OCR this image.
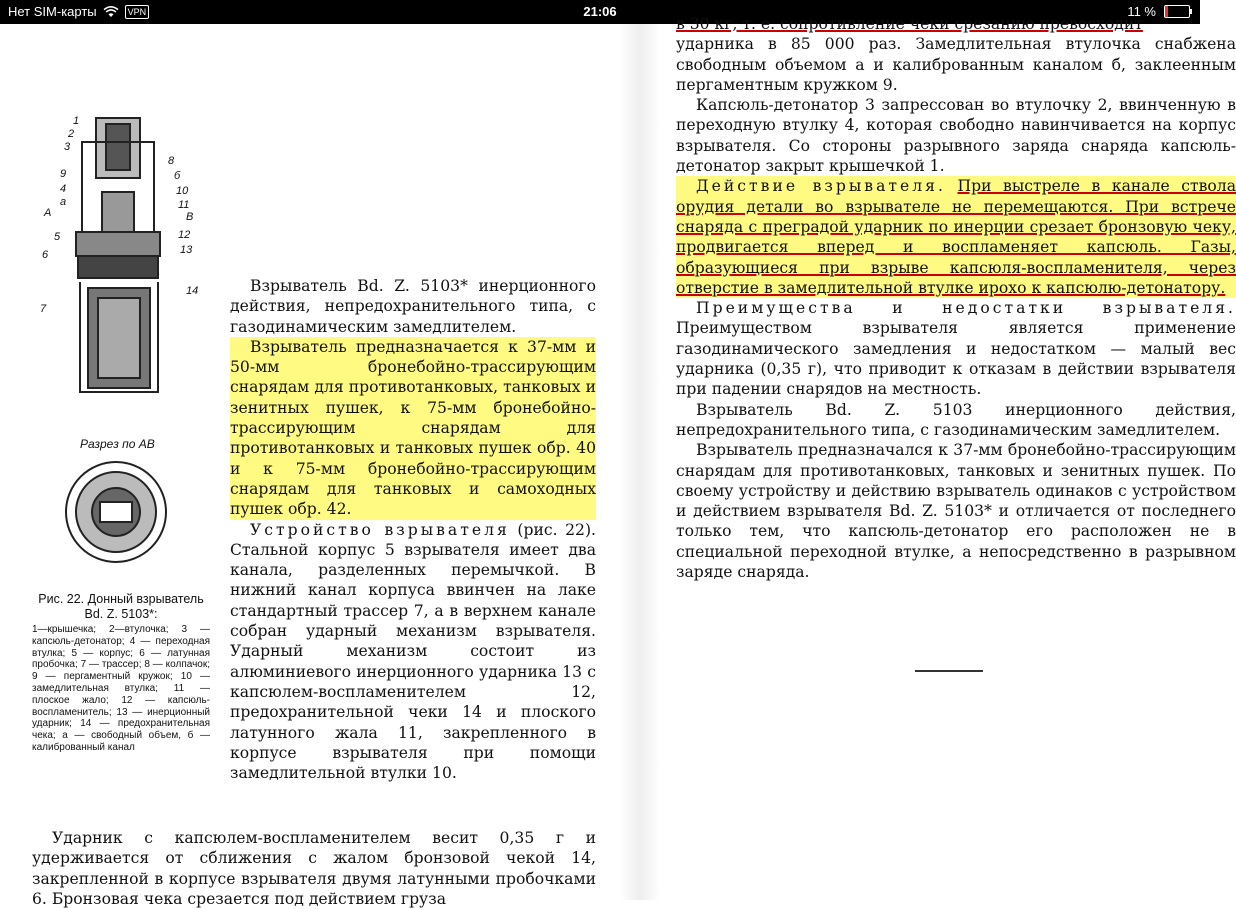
Нет SIM-карты	VPN	21:06	11 %
1
2
3
8
б
9
4	10
а	11
A	B
5	12
6	13
14
7
Разрез по АВ
Рис. 22. Донный взрыватель Bd. Z. 5103*:
1—крышечка; 2—втулочка; 3 — капсюль-детонатор; 4 — переходная втулка; 5 — корпус; 6 — латунная пробочка; 7 — трассер; 8 — колпачок; 9 — пергаментный кружок; 10 — замедлительная втулка; 11 — плоское жало; 12 — капсюль-воспламенитель; 13 — инерционный ударник; 14 — предохранительная чека; а — свободный объем, б — калиброванный канал

Взрыватель Bd. Z. 5103* инерционного действия, непредохранительного типа, с газодинамическим замедлителем.

Взрыватель предназначается к 37-мм и 50-мм бронебойно-трассирующим снарядам для противотанковых, танковых и зенитных пушек, к 75-мм бронебойно-трассирующим снарядам для противотанковых и танковых пушек обр. 40 и к 75-мм бронебойно-трассирующим снарядам для танковых и самоходных пушек обр. 42.

Устройство взрывателя (рис. 22). Стальной корпус 5 взрывателя имеет два канала, разделенных перемычкой. В нижний канал корпуса ввинчен на лаке стандартный трассер 7, а в верхнем канале собран ударный механизм взрывателя. Ударный механизм состоит из алюминиевого инерционного ударника 13 с капсюлем-воспламенителем 12, предохранительной чеки 14 и плоского латунного жала 11, закрепленного в корпусе взрывателя при помощи замедлительной втулки 10.

Ударник с капсюлем-воспламенителем весит 0,35 г и удерживается от сближения с жалом бронзовой чекой 14, закрепленной в корпусе взрывателя двумя латунными пробочками 6. Бронзовая чека срезается под действием груза

в 30 кг, т. е. сопротивление чеки срезанию превосходит

ударника в 85 000 раз. Замедлительная втулочка снабжена свободным объемом а и калиброванным каналом б, заклеенным пергаментным кружком 9.

Капсюль-детонатор 3 запрессован во втулочку 2, ввинченную в переходную втулку 4, которая свободно навинчивается на корпус взрывателя. Со стороны разрывного заряда снаряда капсюль-детонатор закрыт крышечкой 1.

Действие взрывателя. При выстреле в канале ствола орудия детали во взрывателе не перемещаются. При встрече снаряда с преградой ударник по инерции срезает бронзовую чеку, продвигается вперед и воспламеняет капсюль. Газы, образующиеся при взрыве капсюля-воспламенителя, через отверстие в замедлительной втулке ирохо к капсюлю-детонатору.

Преимущества и недостатки взрывателя. Преимуществом взрывателя является применение газодинамического замедления и недостатком — малый вес ударника (0,35 г), что приводит к отказам в действии взрывателя при падении снарядов на местность.

Взрыватель Bd. Z. 5103 инерционного действия, непредохранительного типа, с газодинамическим замедлителем.

Взрыватель предназначался к 37-мм бронебойно-трассирующим снарядам для противотанковых, танковых и зенитных пушек. По своему устройству и действию взрыватель одинаков с устройством и действием взрывателя Bd. Z. 5103* и отличается от последнего только тем, что капсюль-детонатор его расположен не в специальной переходной втулке, а непосредственно в разрывном заряде снаряда.
